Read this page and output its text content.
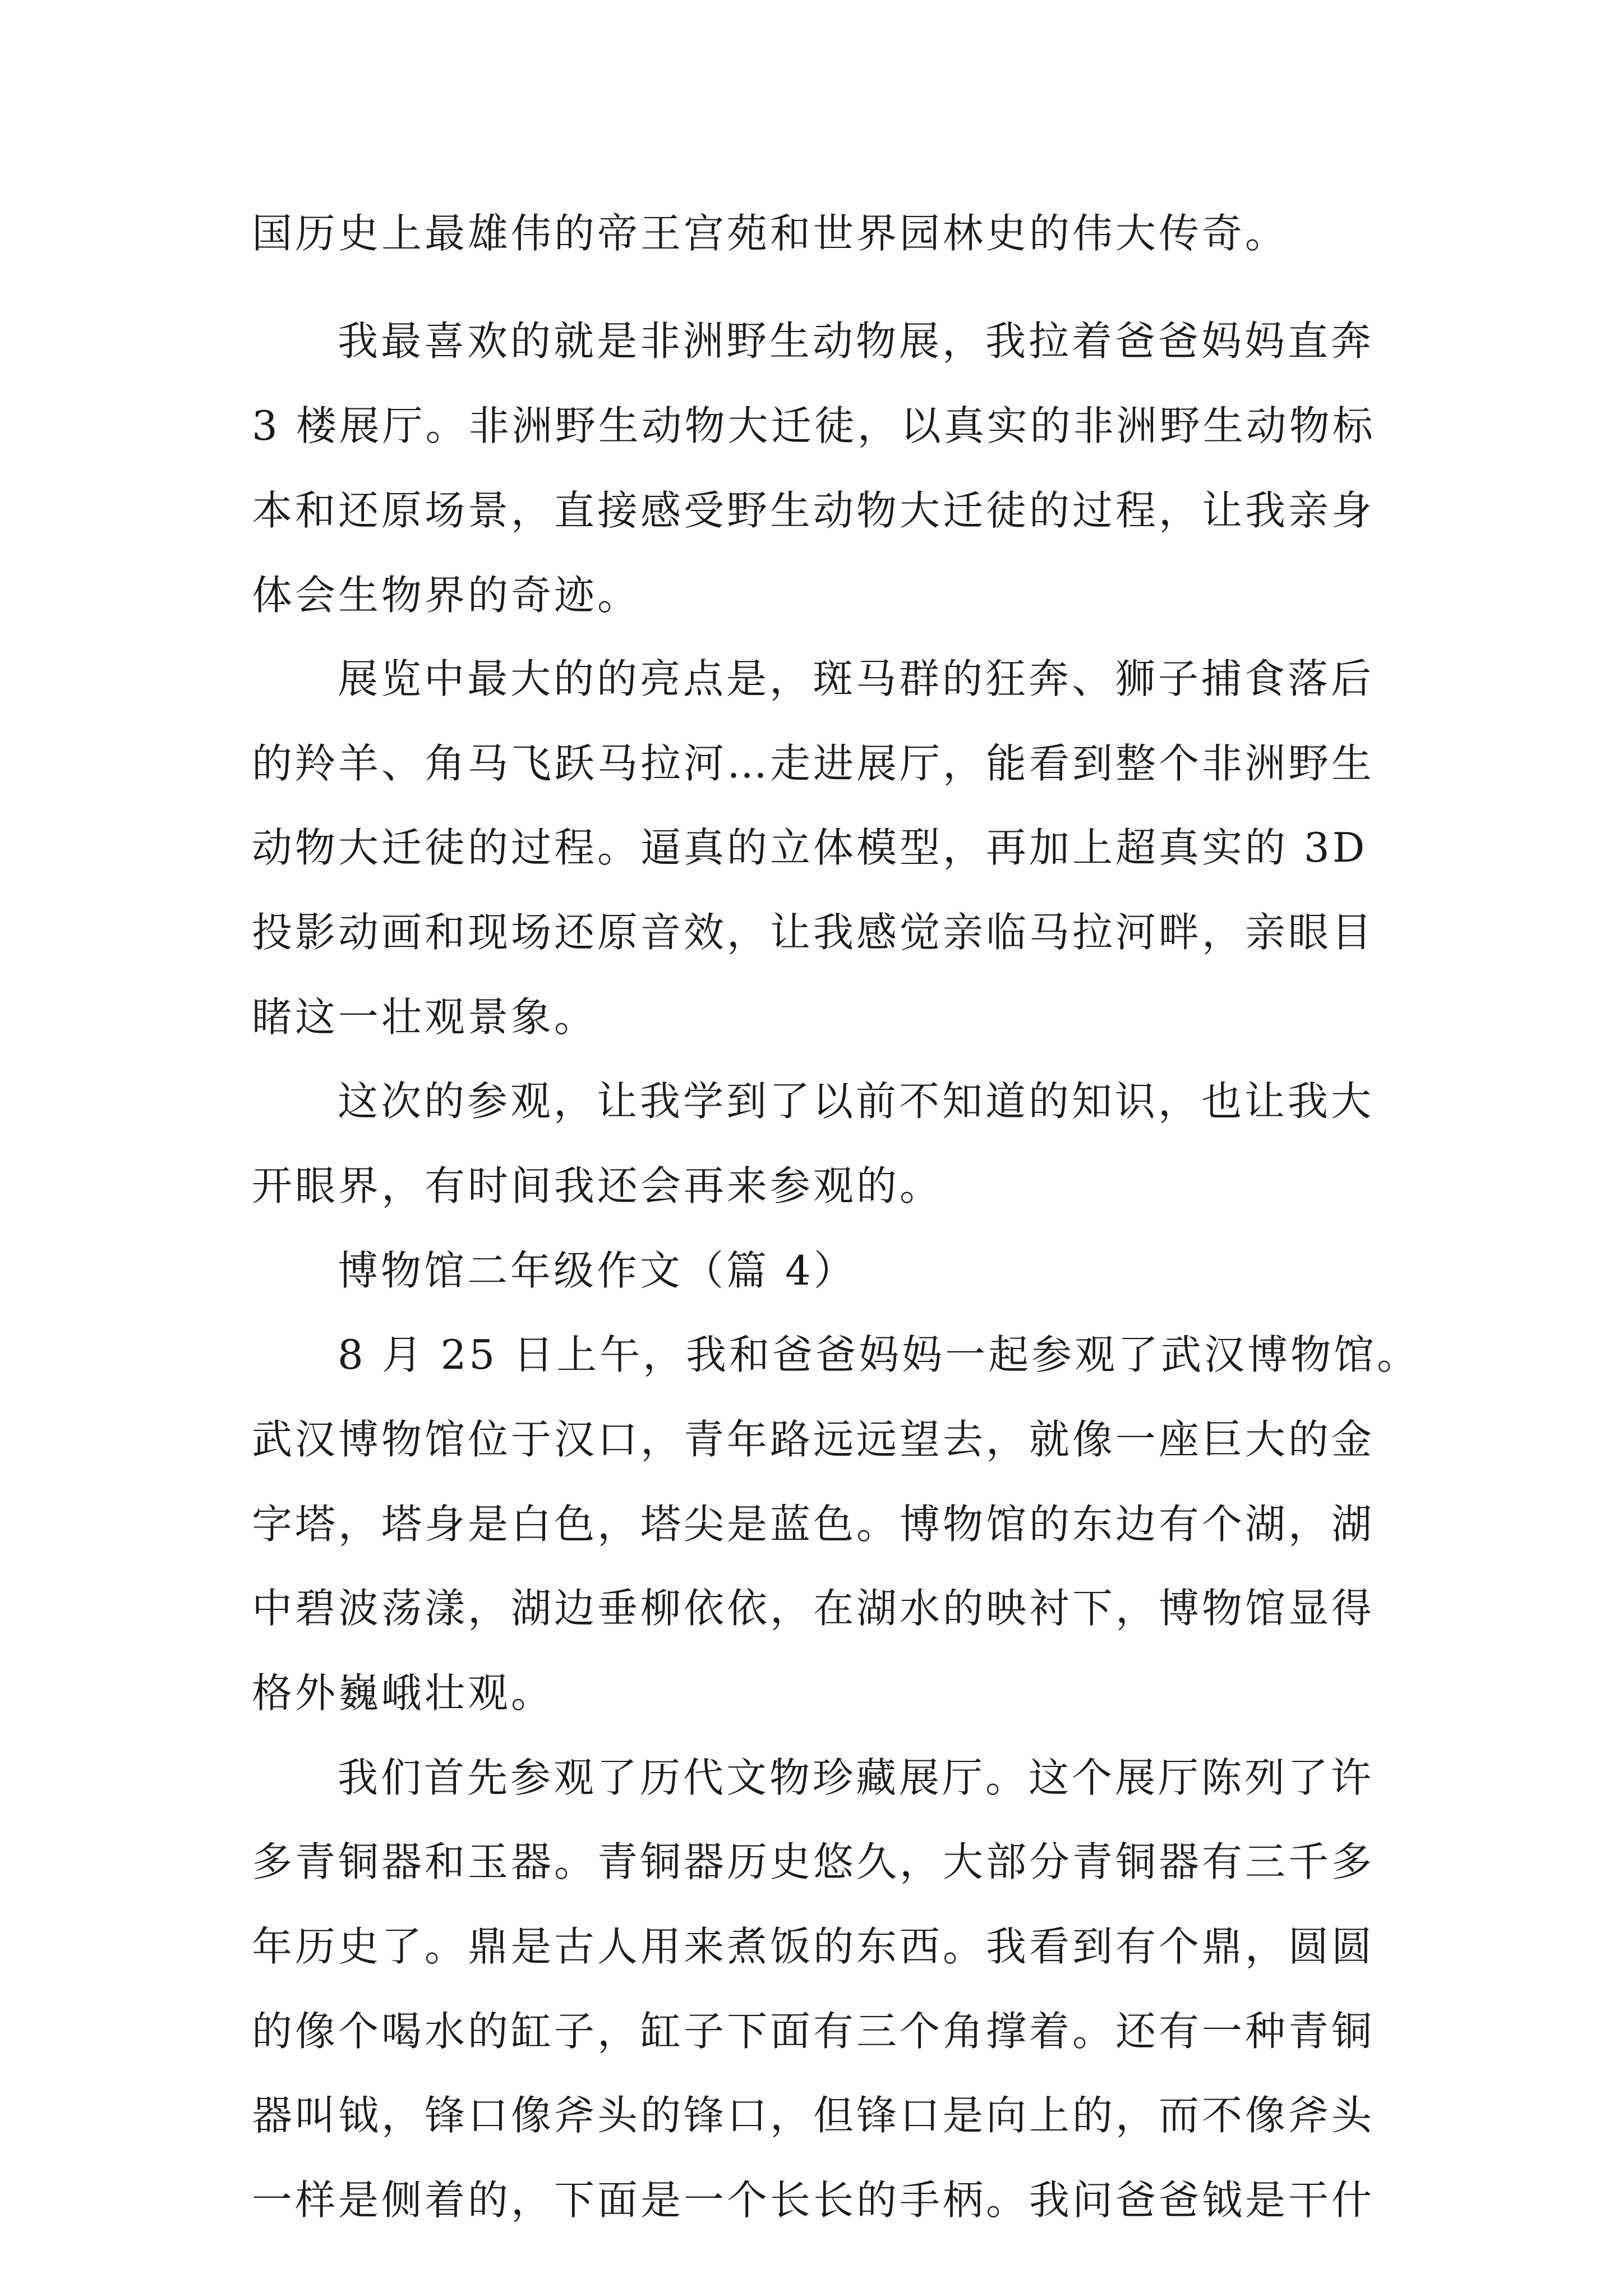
国历史上最雄伟的帝王宫苑和世界园林史的伟大传奇。
我最喜欢的就是非洲野生动物展，我拉着爸爸妈妈直奔
3 楼展厅。非洲野生动物大迁徒，以真实的非洲野生动物标
本和还原场景，直接感受野生动物大迁徒的过程，让我亲身
体会生物界的奇迹。
展览中最大的的亮点是，斑马群的狂奔、狮子捕食落后
的羚羊、角马飞跃马拉河…走进展厅，能看到整个非洲野生
动物大迁徒的过程。逼真的立体模型，再加上超真实的 3D
投影动画和现场还原音效，让我感觉亲临马拉河畔，亲眼目
睹这一壮观景象。
这次的参观，让我学到了以前不知道的知识，也让我大
开眼界，有时间我还会再来参观的。
博物馆二年级作文（篇 4）
8 月 25 日上午，我和爸爸妈妈一起参观了武汉博物馆。
武汉博物馆位于汉口，青年路远远望去，就像一座巨大的金
字塔，塔身是白色，塔尖是蓝色。博物馆的东边有个湖，湖
中碧波荡漾，湖边垂柳依依，在湖水的映衬下，博物馆显得
格外巍峨壮观。
我们首先参观了历代文物珍藏展厅。这个展厅陈列了许
多青铜器和玉器。青铜器历史悠久，大部分青铜器有三千多
年历史了。鼎是古人用来煮饭的东西。我看到有个鼎，圆圆
的像个喝水的缸子，缸子下面有三个角撑着。还有一种青铜
器叫钺，锋口像斧头的锋口，但锋口是向上的，而不像斧头
一样是侧着的，下面是一个长长的手柄。我问爸爸钺是干什
